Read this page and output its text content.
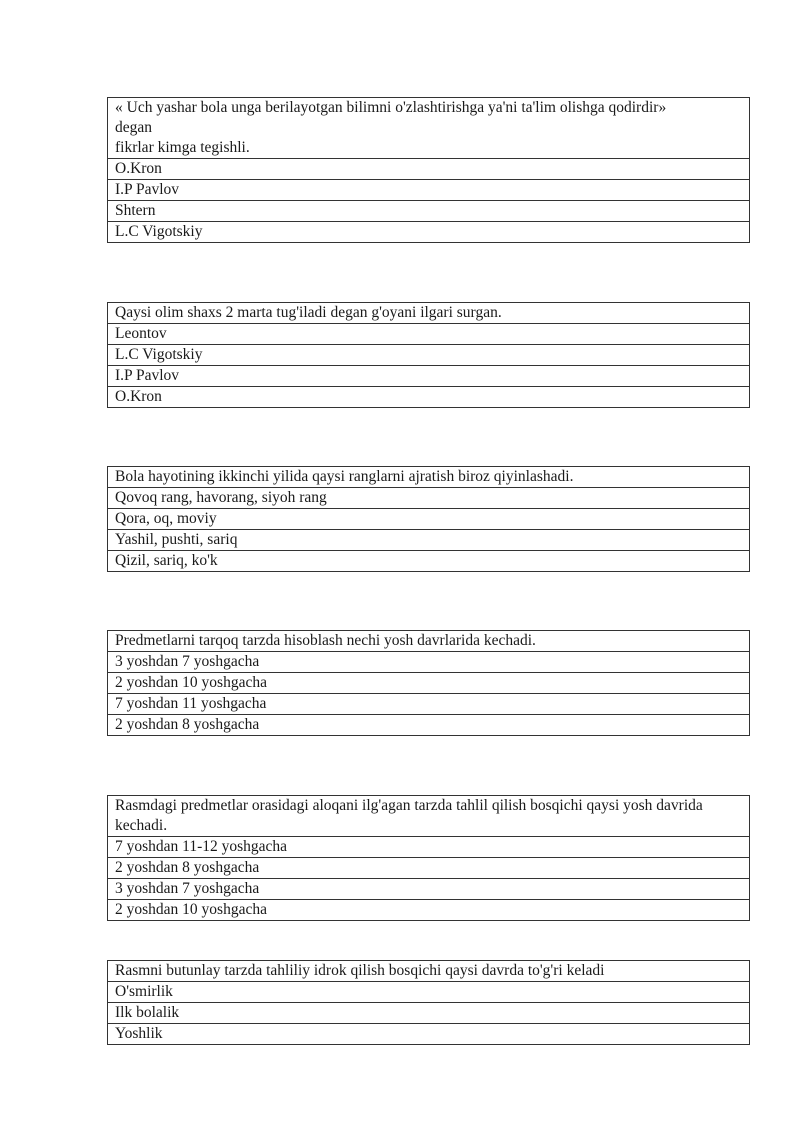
« Uch yashar bola unga berilayotgan bilimni o'zlashtirishga ya'ni ta'lim olishga qodirdir»
degan
fikrlar kimga tegishli.
O.Kron
I.P Pavlov
Shtern
L.C Vigotskiy
Qaysi olim shaxs 2 marta tug'iladi degan g'oyani ilgari surgan.
Leontov
L.C Vigotskiy
I.P Pavlov
O.Kron
Bola hayotining ikkinchi yilida qaysi ranglarni ajratish biroz qiyinlashadi.
Qovoq rang, havorang, siyoh rang
Qora, oq, moviy
Yashil, pushti, sariq
Qizil, sariq, ko'k
Predmetlarni tarqoq tarzda hisoblash nechi yosh davrlarida kechadi.
3 yoshdan 7 yoshgacha
2 yoshdan 10 yoshgacha
7 yoshdan 11 yoshgacha
2 yoshdan 8 yoshgacha
Rasmdagi predmetlar orasidagi aloqani ilg'agan tarzda tahlil qilish bosqichi qaysi yosh davrida kechadi.
7 yoshdan 11-12 yoshgacha
2 yoshdan 8 yoshgacha
3 yoshdan 7 yoshgacha
2 yoshdan 10 yoshgacha
Rasmni butunlay tarzda tahliliy idrok qilish bosqichi qaysi davrda to'g'ri keladi
O'smirlik
Ilk bolalik
Yoshlik
